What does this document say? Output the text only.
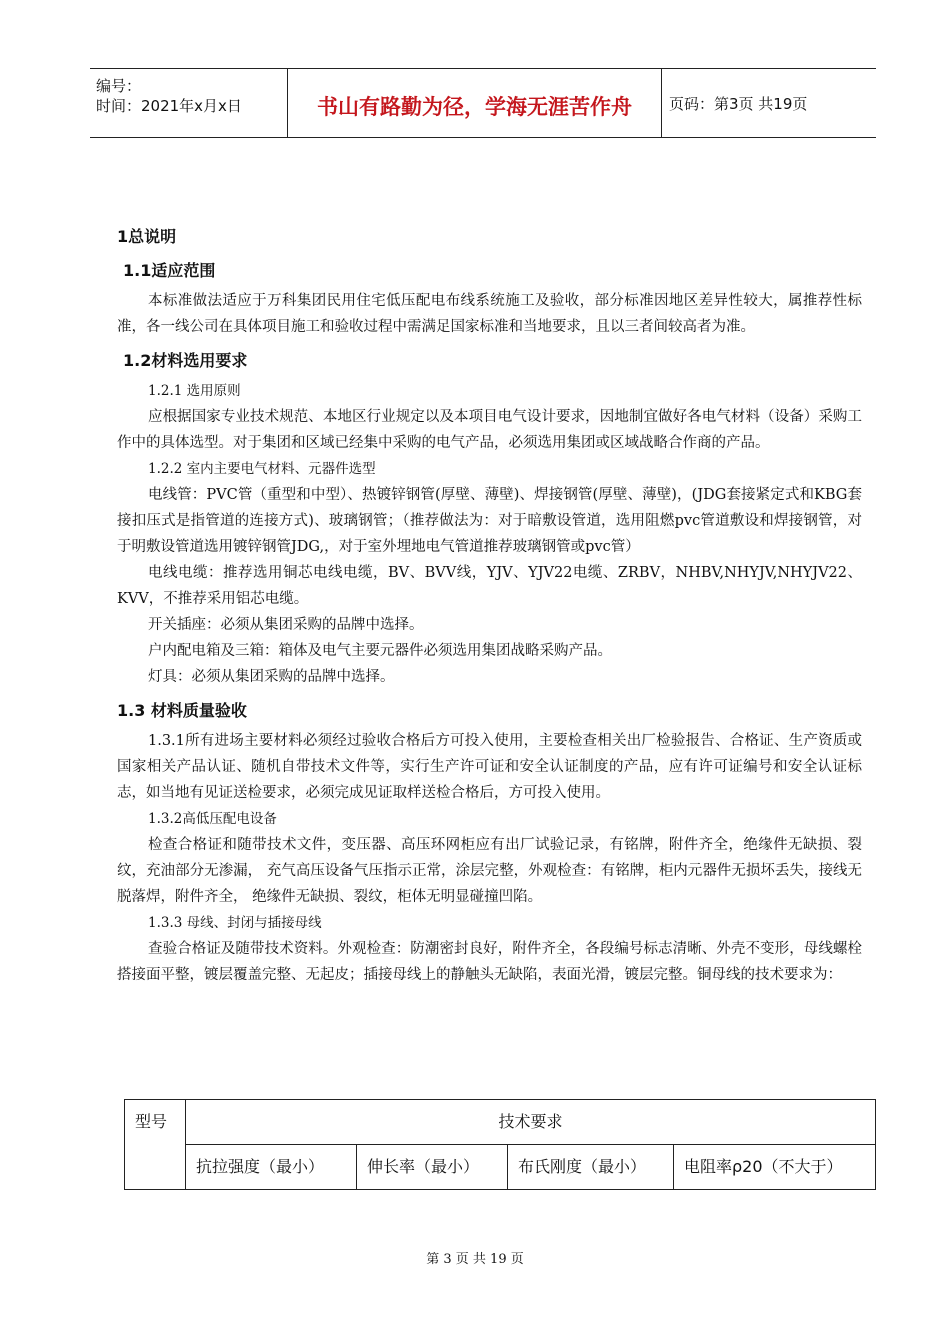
编号：
时间：2021年x月x日	书山有路勤为径，学海无涯苦作舟	页码：第3页 共19页
1总说明
1.1适应范围

本标准做法适应于万科集团民用住宅低压配电布线系统施工及验收，部分标准因地区差异性较大，属推荐性标准，各一线公司在具体项目施工和验收过程中需满足国家标准和当地要求，且以三者间较高者为准。

1.2材料选用要求

1.2.1 选用原则

应根据国家专业技术规范、本地区行业规定以及本项目电气设计要求，因地制宜做好各电气材料（设备）采购工作中的具体选型。对于集团和区域已经集中采购的电气产品，必须选用集团或区域战略合作商的产品。

1.2.2 室内主要电气材料、元器件选型

电线管：PVC管（重型和中型）、热镀锌钢管(厚壁、薄壁)、焊接钢管(厚壁、薄壁)，(JDG套接紧定式和KBG套接扣压式是指管道的连接方式)、玻璃钢管；（推荐做法为：对于暗敷设管道，选用阻燃pvc管道敷设和焊接钢管，对于明敷设管道选用镀锌钢管JDG,，对于室外埋地电气管道推荐玻璃钢管或pvc管）

电线电缆：推荐选用铜芯电线电缆，BV、BVV线，YJV、YJV22电缆、ZRBV，NHBV,NHYJV,NHYJV22、KVV，不推荐采用铝芯电缆。

开关插座：必须从集团采购的品牌中选择。

户内配电箱及三箱：箱体及电气主要元器件必须选用集团战略采购产品。

灯具：必须从集团采购的品牌中选择。

1.3 材料质量验收

1.3.1所有进场主要材料必须经过验收合格后方可投入使用，主要检查相关出厂检验报告、合格证、生产资质或国家相关产品认证、随机自带技术文件等，实行生产许可证和安全认证制度的产品，应有许可证编号和安全认证标志，如当地有见证送检要求，必须完成见证取样送检合格后，方可投入使用。

1.3.2高低压配电设备

检查合格证和随带技术文件，变压器、高压环网柜应有出厂试验记录，有铭牌，附件齐全，绝缘件无缺损、裂纹，充油部分无渗漏， 充气高压设备气压指示正常，涂层完整，外观检查：有铭牌，柜内元器件无损坏丢失，接线无脱落焊，附件齐全， 绝缘件无缺损、裂纹，柜体无明显碰撞凹陷。

1.3.3 母线、封闭与插接母线

查验合格证及随带技术资料。外观检查：防潮密封良好，附件齐全，各段编号标志清晰、外壳不变形，母线螺栓搭接面平整，镀层覆盖完整、无起皮；插接母线上的静触头无缺陷，表面光滑，镀层完整。铜母线的技术要求为：

型号	技术要求			
	抗拉强度（最小）	伸长率（最小）	布氏刚度（最小）	电阻率ρ20（不大于）
第 3 页 共 19 页
